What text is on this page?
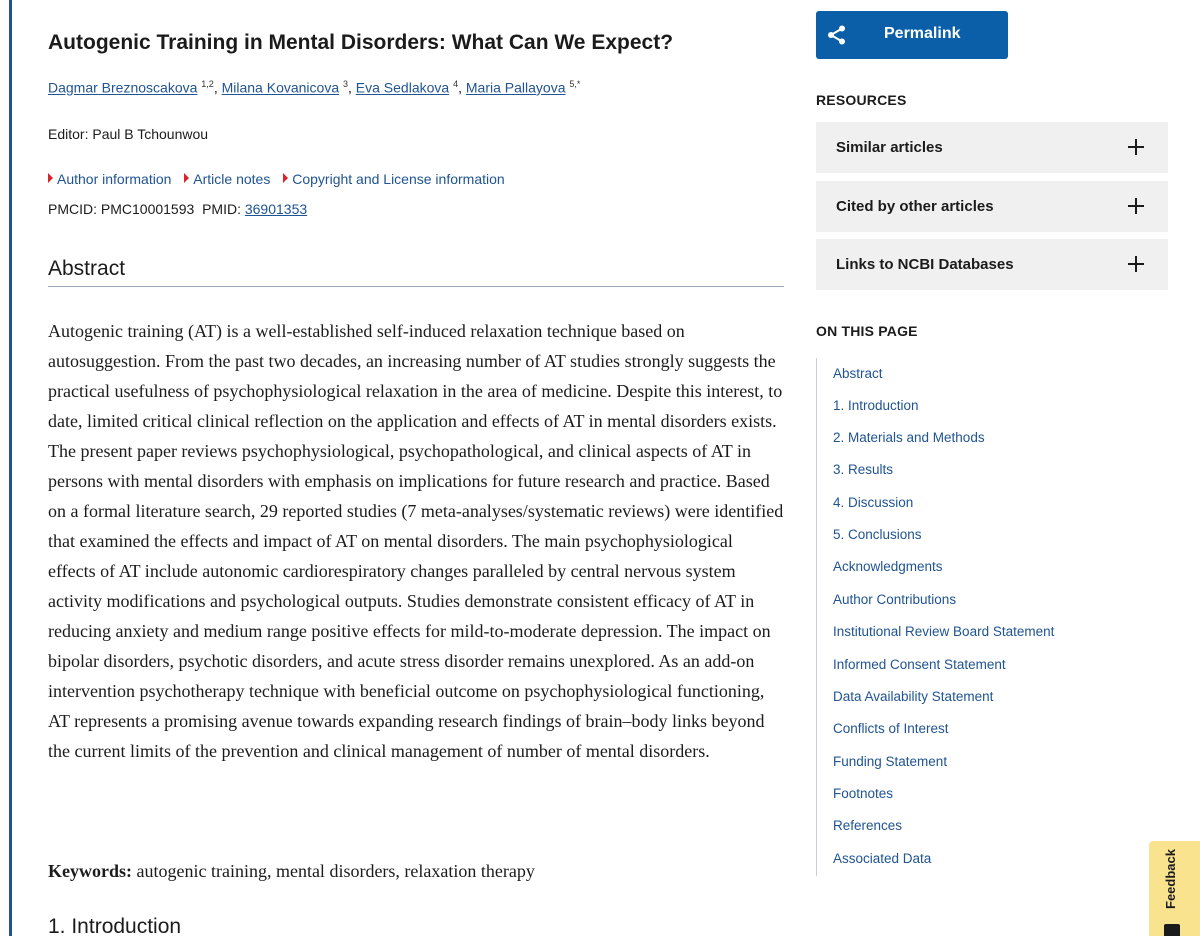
Autogenic Training in Mental Disorders: What Can We Expect?
Dagmar Breznoscakova $^{1,2}$, Milana Kovanicova $^3$, Eva Sedlakova $^4$, Maria Pallayova $^{5,*}$
Editor: Paul B Tchounwou
Author information Article notes Copyright and License information
PMCID: PMC10001593 PMID: 36901353
Abstract

Autogenic training (AT) is a well-established self-induced relaxation technique based on autosuggestion. From the past two decades, an increasing number of AT studies strongly suggests the practical usefulness of psychophysiological relaxation in the area of medicine. Despite this interest, to date, limited critical clinical reflection on the application and effects of AT in mental disorders exists. The present paper reviews psychophysiological, psychopathological, and clinical aspects of AT in persons with mental disorders with emphasis on implications for future research and practice. Based on a formal literature search, 29 reported studies (7 meta-analyses/systematic reviews) were identified that examined the effects and impact of AT on mental disorders. The main psychophysiological effects of AT include autonomic cardiorespiratory changes paralleled by central nervous system activity modifications and psychological outputs. Studies demonstrate consistent efficacy of AT in reducing anxiety and medium range positive effects for mild-to-moderate depression. The impact on bipolar disorders, psychotic disorders, and acute stress disorder remains unexplored. As an add-on intervention psychotherapy technique with beneficial outcome on psychophysiological functioning, AT represents a promising avenue towards expanding research findings of brain–body links beyond the current limits of the prevention and clinical management of number of mental disorders.

Keywords: autogenic training, mental disorders, relaxation therapy

1. Introduction
Permalink
RESOURCES
Similar articles
Cited by other articles
Links to NCBI Databases
ON THIS PAGE
Abstract
1. Introduction
2. Materials and Methods
3. Results
4. Discussion
5. Conclusions
Acknowledgments
Author Contributions
Institutional Review Board Statement
Informed Consent Statement
Data Availability Statement
Conflicts of Interest
Funding Statement
Footnotes
References
Associated Data	Feedback
